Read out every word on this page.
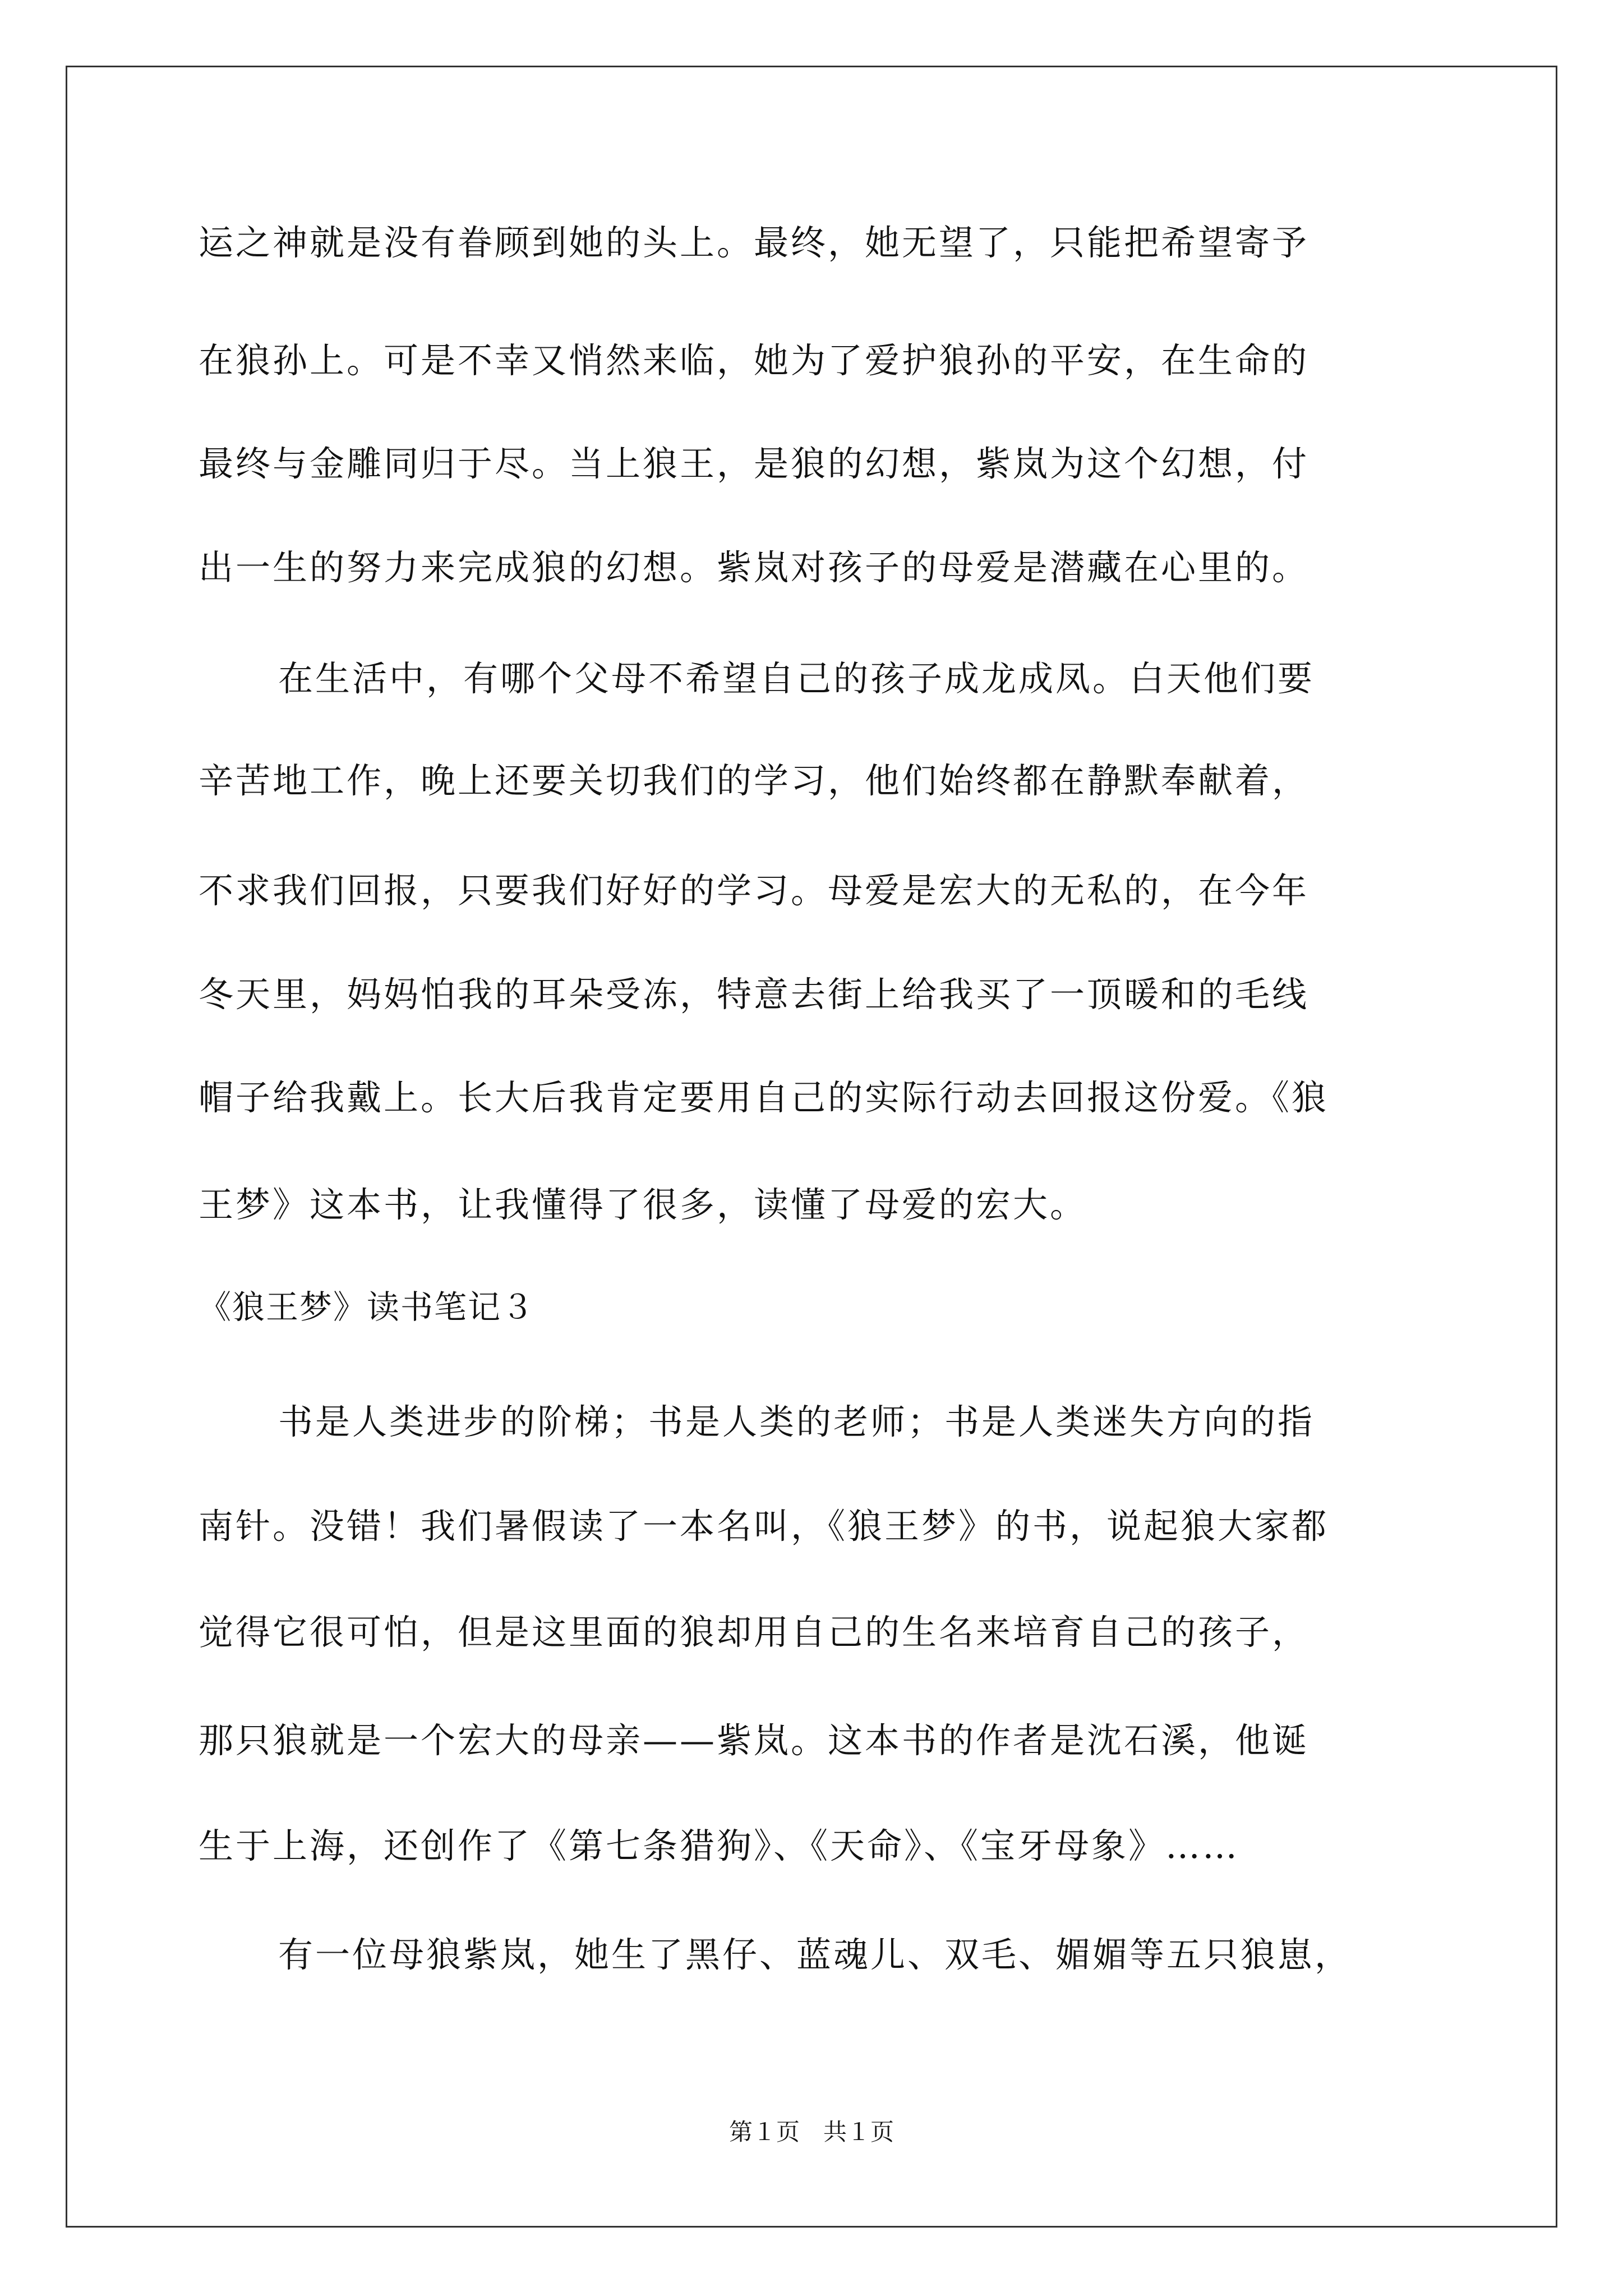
运之神就是没有眷顾到她的头上。最终，她无望了，只能把希望寄予
在狼孙上。可是不幸又悄然来临，她为了爱护狼孙的平安，在生命的
最终与金雕同归于尽。当上狼王，是狼的幻想，紫岚为这个幻想，付
出一生的努力来完成狼的幻想。紫岚对孩子的母爱是潜藏在心里的。
在生活中，有哪个父母不希望自己的孩子成龙成凤。白天他们要
辛苦地工作，晚上还要关切我们的学习，他们始终都在静默奉献着，
不求我们回报，只要我们好好的学习。母爱是宏大的无私的，在今年
冬天里，妈妈怕我的耳朵受冻，特意去街上给我买了一顶暖和的毛线
帽子给我戴上。长大后我肯定要用自己的实际行动去回报这份爱。《狼
王梦》这本书，让我懂得了很多，读懂了母爱的宏大。
《狼王梦》读书笔记３
书是人类进步的阶梯；书是人类的老师；书是人类迷失方向的指
南针。没错！我们暑假读了一本名叫，《狼王梦》的书，说起狼大家都
觉得它很可怕，但是这里面的狼却用自己的生名来培育自己的孩子，
那只狼就是一个宏大的母亲——紫岚。这本书的作者是沈石溪，他诞
生于上海，还创作了《第七条猎狗》、《天命》、《宝牙母象》……
有一位母狼紫岚，她生了黑仔、蓝魂儿、双毛、媚媚等五只狼崽，
第１页　共１页
